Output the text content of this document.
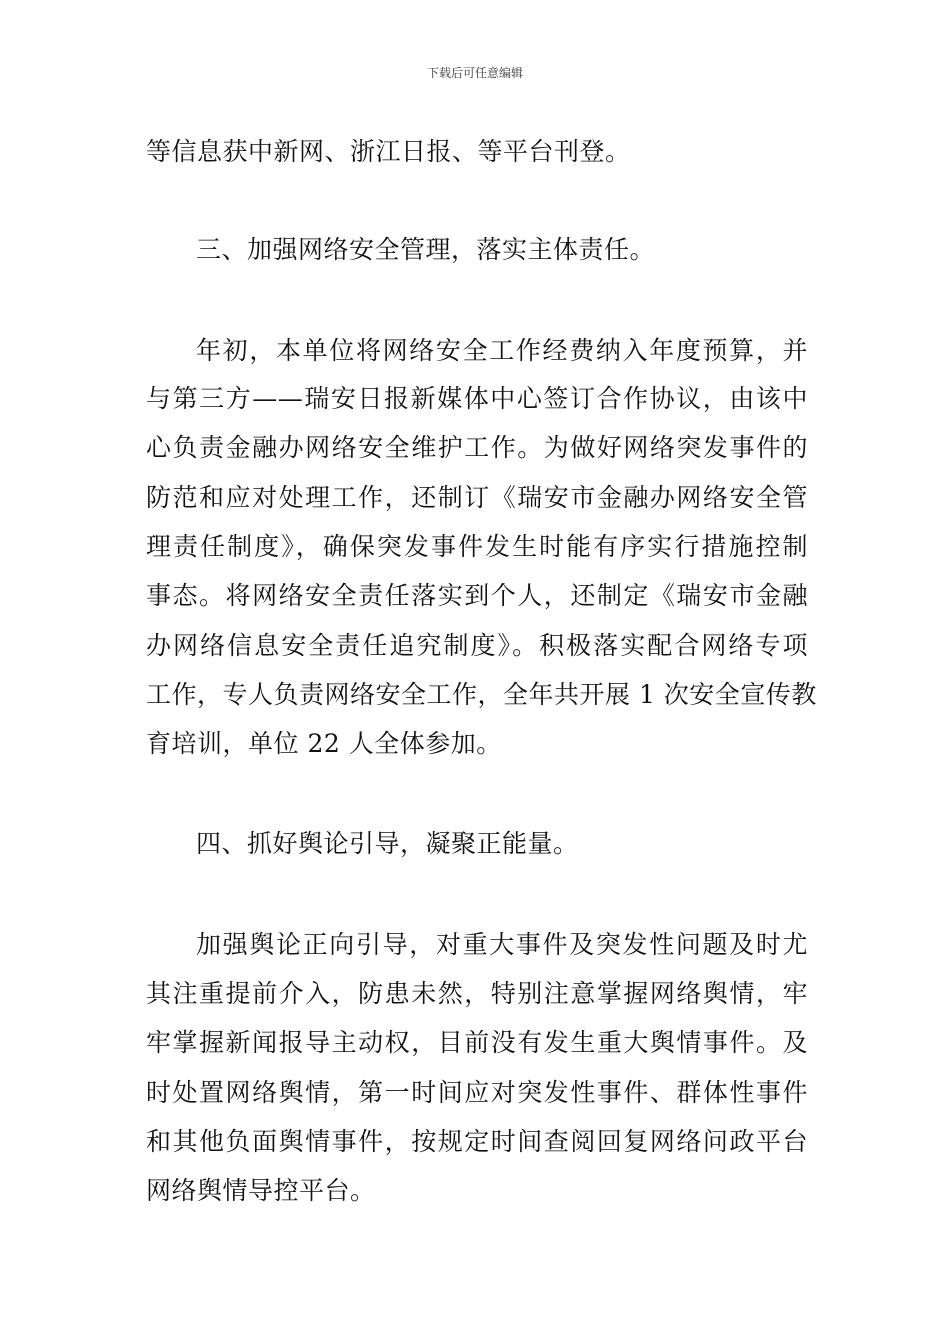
下载后可任意编辑
等信息获中新网、浙江日报、等平台刊登。
三、加强网络安全管理，落实主体责任。
年初，本单位将网络安全工作经费纳入年度预算，并
与第三方——瑞安日报新媒体中心签订合作协议，由该中
心负责金融办网络安全维护工作。为做好网络突发事件的
防范和应对处理工作，还制订《瑞安市金融办网络安全管
理责任制度》，确保突发事件发生时能有序实行措施控制
事态。将网络安全责任落实到个人，还制定《瑞安市金融
办网络信息安全责任追究制度》。积极落实配合网络专项
工作，专人负责网络安全工作，全年共开展 1 次安全宣传教
育培训，单位 22 人全体参加。
四、抓好舆论引导，凝聚正能量。
加强舆论正向引导，对重大事件及突发性问题及时尤
其注重提前介入，防患未然，特别注意掌握网络舆情，牢
牢掌握新闻报导主动权，目前没有发生重大舆情事件。及
时处置网络舆情，第一时间应对突发性事件、群体性事件
和其他负面舆情事件，按规定时间查阅回复网络问政平台
网络舆情导控平台。
